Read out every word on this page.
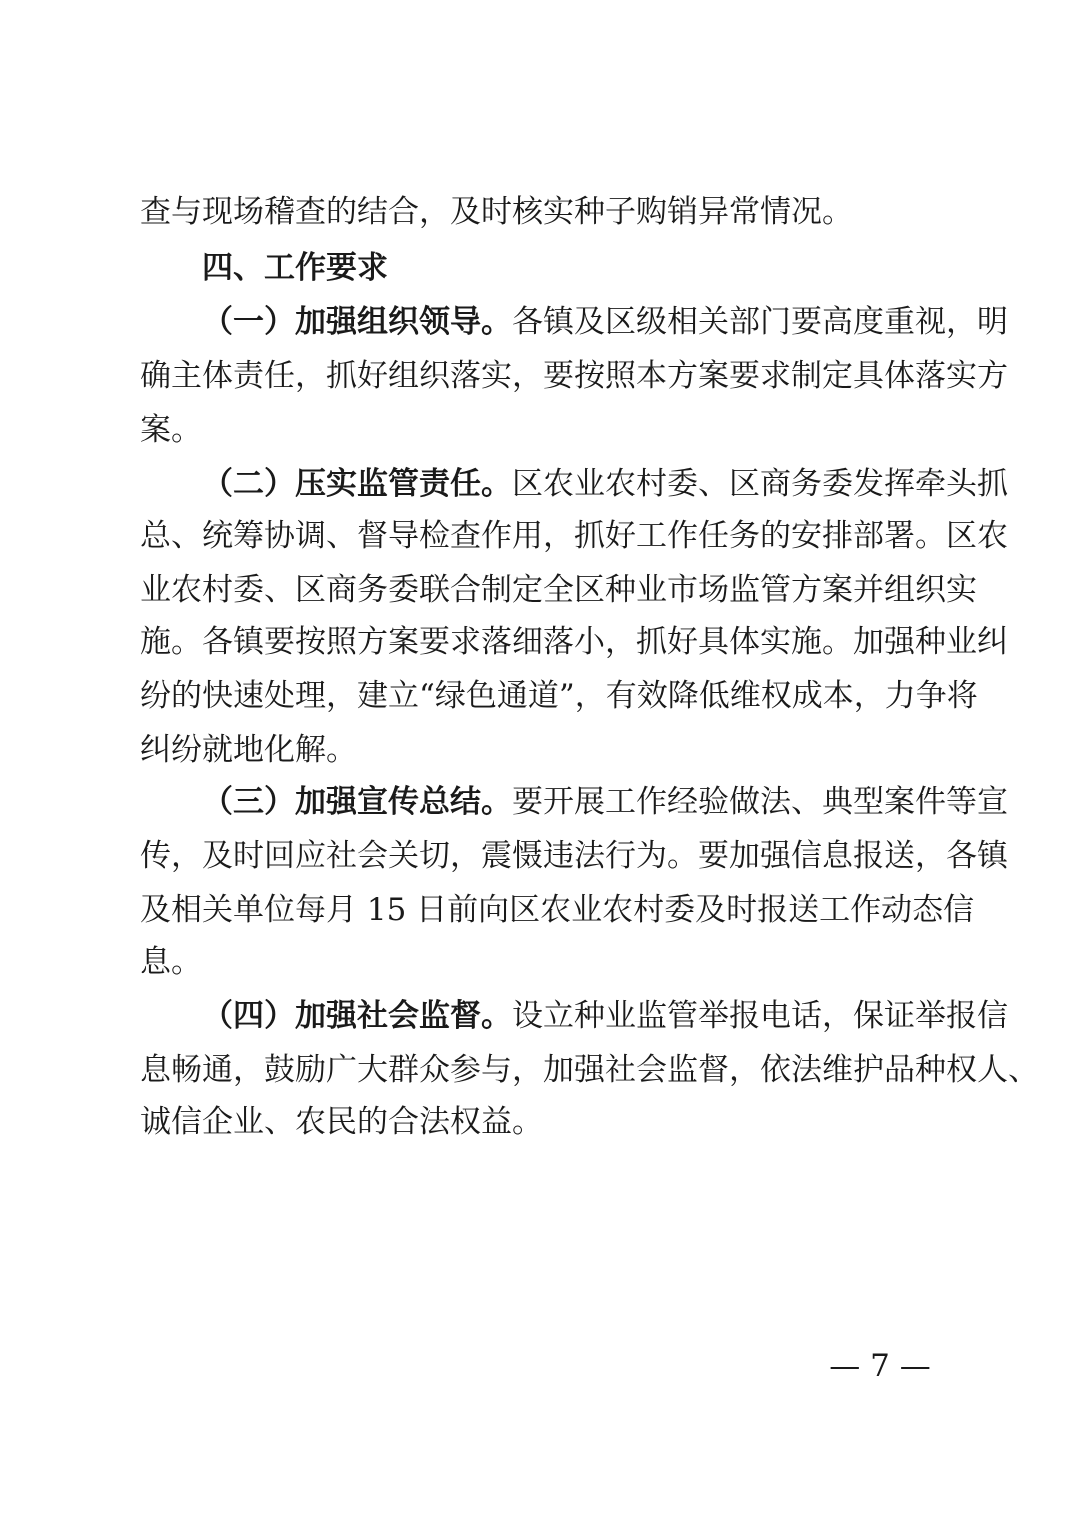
查与现场稽查的结合，及时核实种子购销异常情况。
四、工作要求
（一）加强组织领导。各镇及区级相关部门要高度重视，明
确主体责任，抓好组织落实，要按照本方案要求制定具体落实方
案。
（二）压实监管责任。区农业农村委、区商务委发挥牵头抓
总、统筹协调、督导检查作用，抓好工作任务的安排部署。区农
业农村委、区商务委联合制定全区种业市场监管方案并组织实
施。各镇要按照方案要求落细落小，抓好具体实施。加强种业纠
纷的快速处理，建立“绿色通道”，有效降低维权成本，力争将
纠纷就地化解。
（三）加强宣传总结。要开展工作经验做法、典型案件等宣
传，及时回应社会关切，震慑违法行为。要加强信息报送，各镇
及相关单位每月 15 日前向区农业农村委及时报送工作动态信
息。
（四）加强社会监督。设立种业监管举报电话，保证举报信
息畅通，鼓励广大群众参与，加强社会监督，依法维护品种权人、
诚信企业、农民的合法权益。
— 7 —
